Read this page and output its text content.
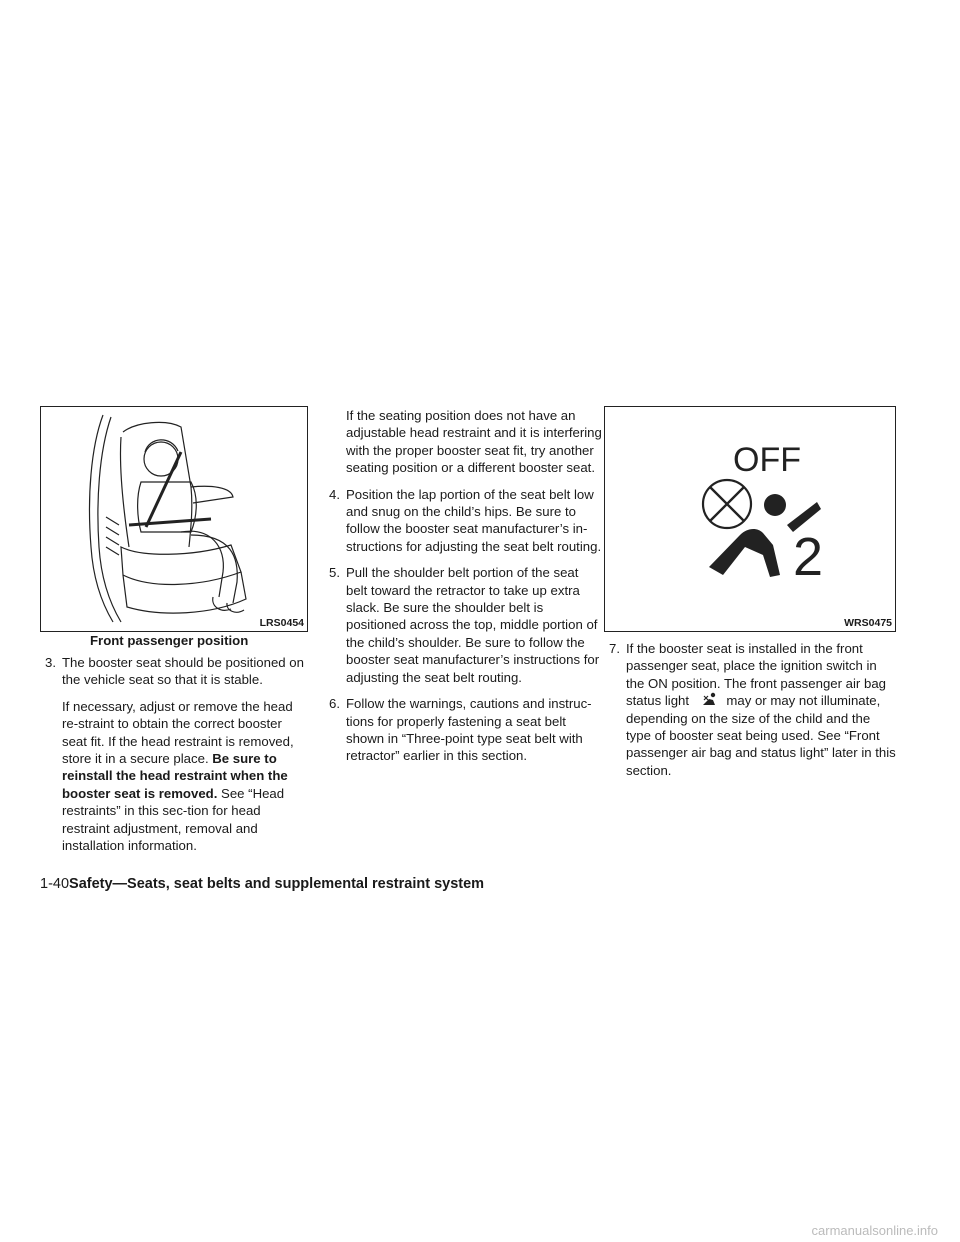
LRS0454
Front passenger position
3. The booster seat should be positioned on the vehicle seat so that it is stable.
If necessary, adjust or remove the head re-straint to obtain the correct booster seat fit. If the head restraint is removed, store it in a secure place. Be sure to reinstall the head restraint when the booster seat is removed. See “Head restraints” in this sec-tion for head restraint adjustment, removal and installation information.
If the seating position does not have an adjustable head restraint and it is interfering with the proper booster seat fit, try another seating position or a different booster seat.
4. Position the lap portion of the seat belt low and snug on the child’s hips. Be sure to follow the booster seat manufacturer’s in-structions for adjusting the seat belt routing.
5. Pull the shoulder belt portion of the seat belt toward the retractor to take up extra slack. Be sure the shoulder belt is positioned across the top, middle portion of the child’s shoulder. Be sure to follow the booster seat manufacturer’s instructions for adjusting the seat belt routing.
6. Follow the warnings, cautions and instruc-tions for properly fastening a seat belt shown in “Three-point type seat belt with retractor” earlier in this section.
OFF
2
WRS0475
7. If the booster seat is installed in the front passenger seat, place the ignition switch in the ON position. The front passenger air bag status light  may or may not illuminate, depending on the size of the child and the type of booster seat being used. See “Front passenger air bag and status light” later in this section.
1-40Safety—Seats, seat belts and supplemental restraint system
carmanualsonline.info
